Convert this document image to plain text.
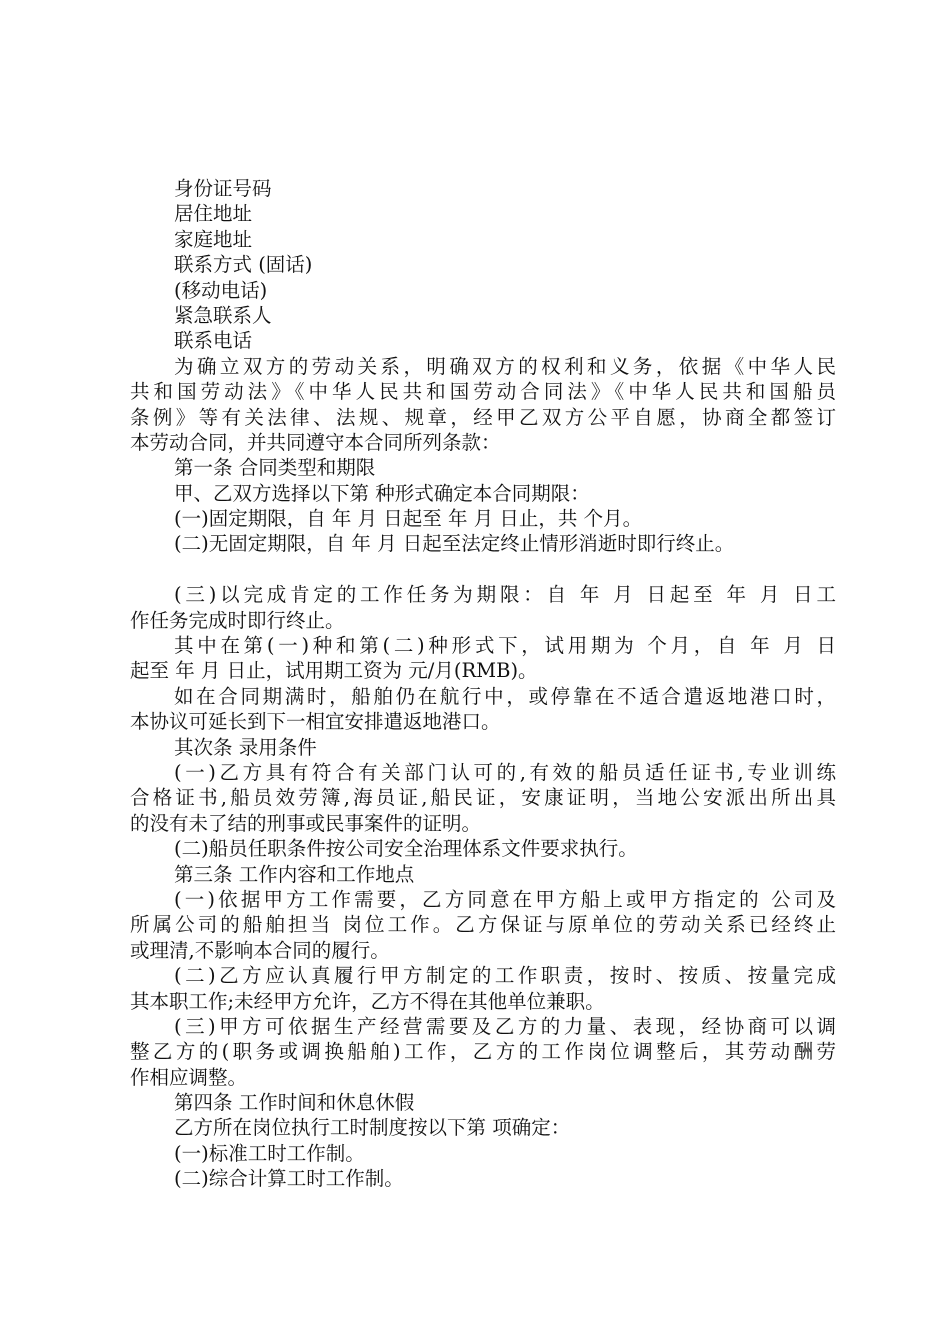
身份证号码

居住地址

家庭地址

联系方式 (固话)

(移动电话)

紧急联系人

联系电话

为确立双方的劳动关系，明确双方的权利和义务，依据《中华人民

共和国劳动法》《中华人民共和国劳动合同法》《中华人民共和国船员

条例》等有关法律、法规、规章，经甲乙双方公平自愿，协商全都签订

本劳动合同，并共同遵守本合同所列条款：

第一条 合同类型和期限

甲、乙双方选择以下第 种形式确定本合同期限：

(一)固定期限，自 年 月 日起至 年 月 日止，共 个月。

(二)无固定期限，自 年 月 日起至法定终止情形消逝时即行终止。

(三)以完成肯定的工作任务为期限：自 年 月 日起至 年 月 日工

作任务完成时即行终止。

其中在第(一)种和第(二)种形式下，试用期为 个月，自 年 月 日

起至 年 月 日止，试用期工资为 元/月(RMB)。

如在合同期满时，船舶仍在航行中，或停靠在不适合遣返地港口时，

本协议可延长到下一相宜安排遣返地港口。

其次条 录用条件

(一)乙方具有符合有关部门认可的,有效的船员适任证书,专业训练

合格证书,船员效劳簿,海员证,船民证，安康证明，当地公安派出所出具

的没有未了结的刑事或民事案件的证明。

(二)船员任职条件按公司安全治理体系文件要求执行。

第三条 工作内容和工作地点

(一)依据甲方工作需要，乙方同意在甲方船上或甲方指定的 公司及

所属公司的船舶担当 岗位工作。乙方保证与原单位的劳动关系已经终止

或理清,不影响本合同的履行。

(二)乙方应认真履行甲方制定的工作职责，按时、按质、按量完成

其本职工作;未经甲方允许，乙方不得在其他单位兼职。

(三)甲方可依据生产经营需要及乙方的力量、表现，经协商可以调

整乙方的(职务或调换船舶)工作，乙方的工作岗位调整后，其劳动酬劳

作相应调整。

第四条 工作时间和休息休假

乙方所在岗位执行工时制度按以下第 项确定：

(一)标准工时工作制。

(二)综合计算工时工作制。
